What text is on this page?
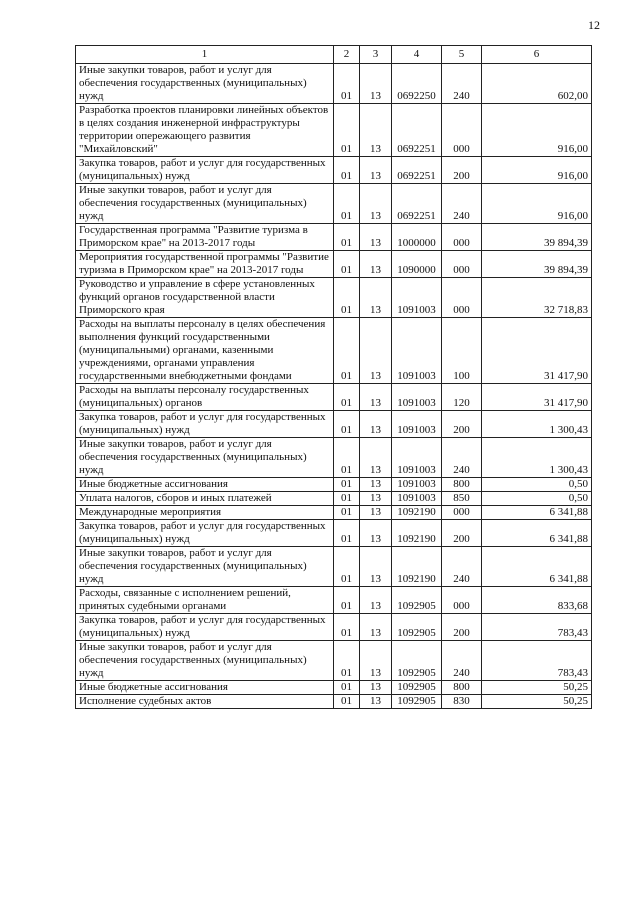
12
1	2	3	4	5	6
Иные закупки товаров, работ и услуг для обеспечения государственных (муниципальных) нужд	01	13	0692250	240	602,00
Разработка проектов планировки линейных объектов в целях создания инженерной инфраструктуры территории опережающего развития "Михайловский"	01	13	0692251	000	916,00
Закупка товаров, работ и услуг для государственных (муниципальных) нужд	01	13	0692251	200	916,00
Иные закупки товаров, работ и услуг для обеспечения государственных (муниципальных) нужд	01	13	0692251	240	916,00
Государственная программа "Развитие туризма в Приморском крае" на 2013-2017 годы	01	13	1000000	000	39 894,39
Мероприятия государственной программы "Развитие туризма в Приморском крае" на 2013-2017 годы	01	13	1090000	000	39 894,39
Руководство и управление в сфере установленных функций органов государственной власти Приморского края	01	13	1091003	000	32 718,83
Расходы на выплаты персоналу в целях обеспечения выполнения функций государственными (муниципальными) органами, казенными учреждениями, органами управления государственными внебюджетными фондами	01	13	1091003	100	31 417,90
Расходы на выплаты персоналу государственных (муниципальных) органов	01	13	1091003	120	31 417,90
Закупка товаров, работ и услуг для государственных (муниципальных) нужд	01	13	1091003	200	1 300,43
Иные закупки товаров, работ и услуг для обеспечения государственных (муниципальных) нужд	01	13	1091003	240	1 300,43
Иные бюджетные ассигнования	01	13	1091003	800	0,50
Уплата налогов, сборов и иных платежей	01	13	1091003	850	0,50
Международные мероприятия	01	13	1092190	000	6 341,88
Закупка товаров, работ и услуг для государственных (муниципальных) нужд	01	13	1092190	200	6 341,88
Иные закупки товаров, работ и услуг для обеспечения государственных (муниципальных) нужд	01	13	1092190	240	6 341,88
Расходы, связанные с исполнением решений, принятых судебными органами	01	13	1092905	000	833,68
Закупка товаров, работ и услуг для государственных (муниципальных) нужд	01	13	1092905	200	783,43
Иные закупки товаров, работ и услуг для обеспечения государственных (муниципальных) нужд	01	13	1092905	240	783,43
Иные бюджетные ассигнования	01	13	1092905	800	50,25
Исполнение судебных актов	01	13	1092905	830	50,25
